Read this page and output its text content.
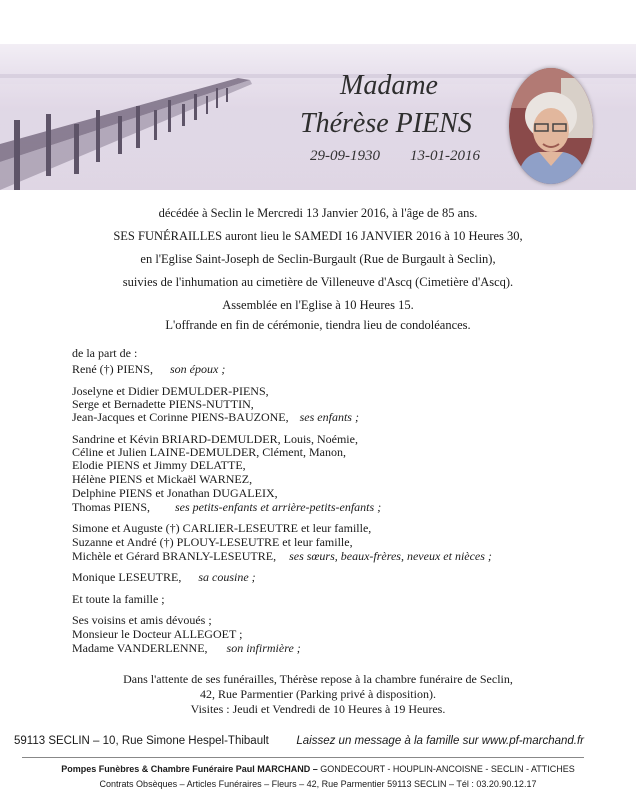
Madame
Thérèse PIENS
29-09-1930 13-01-2016
décédée à Seclin le Mercredi 13 Janvier 2016, à l'âge de 85 ans.
SES FUNÉRAILLES auront lieu le SAMEDI 16 JANVIER 2016 à 10 Heures 30,
en l'Eglise Saint-Joseph de Seclin-Burgault (Rue de Burgault à Seclin),
suivies de l'inhumation au cimetière de Villeneuve d'Ascq (Cimetière d'Ascq).
Assemblée en l'Eglise à 10 Heures 15.
L'offrande en fin de cérémonie, tiendra lieu de condoléances.
de la part de :
René (†) PIENS, son époux ;
Joselyne et Didier DEMULDER-PIENS,
Serge et Bernadette PIENS-NUTTIN,
Jean-Jacques et Corinne PIENS-BAUZONE, ses enfants ;
Sandrine et Kévin BRIARD-DEMULDER, Louis, Noémie,
Céline et Julien LAINE-DEMULDER, Clément, Manon,
Elodie PIENS et Jimmy DELATTE,
Hélène PIENS et Mickaël WARNEZ,
Delphine PIENS et Jonathan DUGALEIX,
Thomas PIENS, ses petits-enfants et arrière-petits-enfants ;
Simone et Auguste (†) CARLIER-LESEUTRE et leur famille,
Suzanne et André (†) PLOUY-LESEUTRE et leur famille,
Michèle et Gérard BRANLY-LESEUTRE, ses sœurs, beaux-frères, neveux et nièces ;
Monique LESEUTRE, sa cousine ;
Et toute la famille ;
Ses voisins et amis dévoués ;
Monsieur le Docteur ALLEGOET ;
Madame VANDERLENNE, son infirmière ;
Dans l'attente de ses funérailles, Thérèse repose à la chambre funéraire de Seclin,
42, Rue Parmentier (Parking privé à disposition).
Visites : Jeudi et Vendredi de 10 Heures à 19 Heures.
59113 SECLIN – 10, Rue Simone Hespel-Thibault Laissez un message à la famille sur www.pf-marchand.fr
Pompes Funèbres & Chambre Funéraire Paul MARCHAND – GONDECOURT - HOUPLIN-ANCOISNE - SECLIN - ATTICHES
Contrats Obsèques – Articles Funéraires – Fleurs – 42, Rue Parmentier 59113 SECLIN – Tél : 03.20.90.12.17
